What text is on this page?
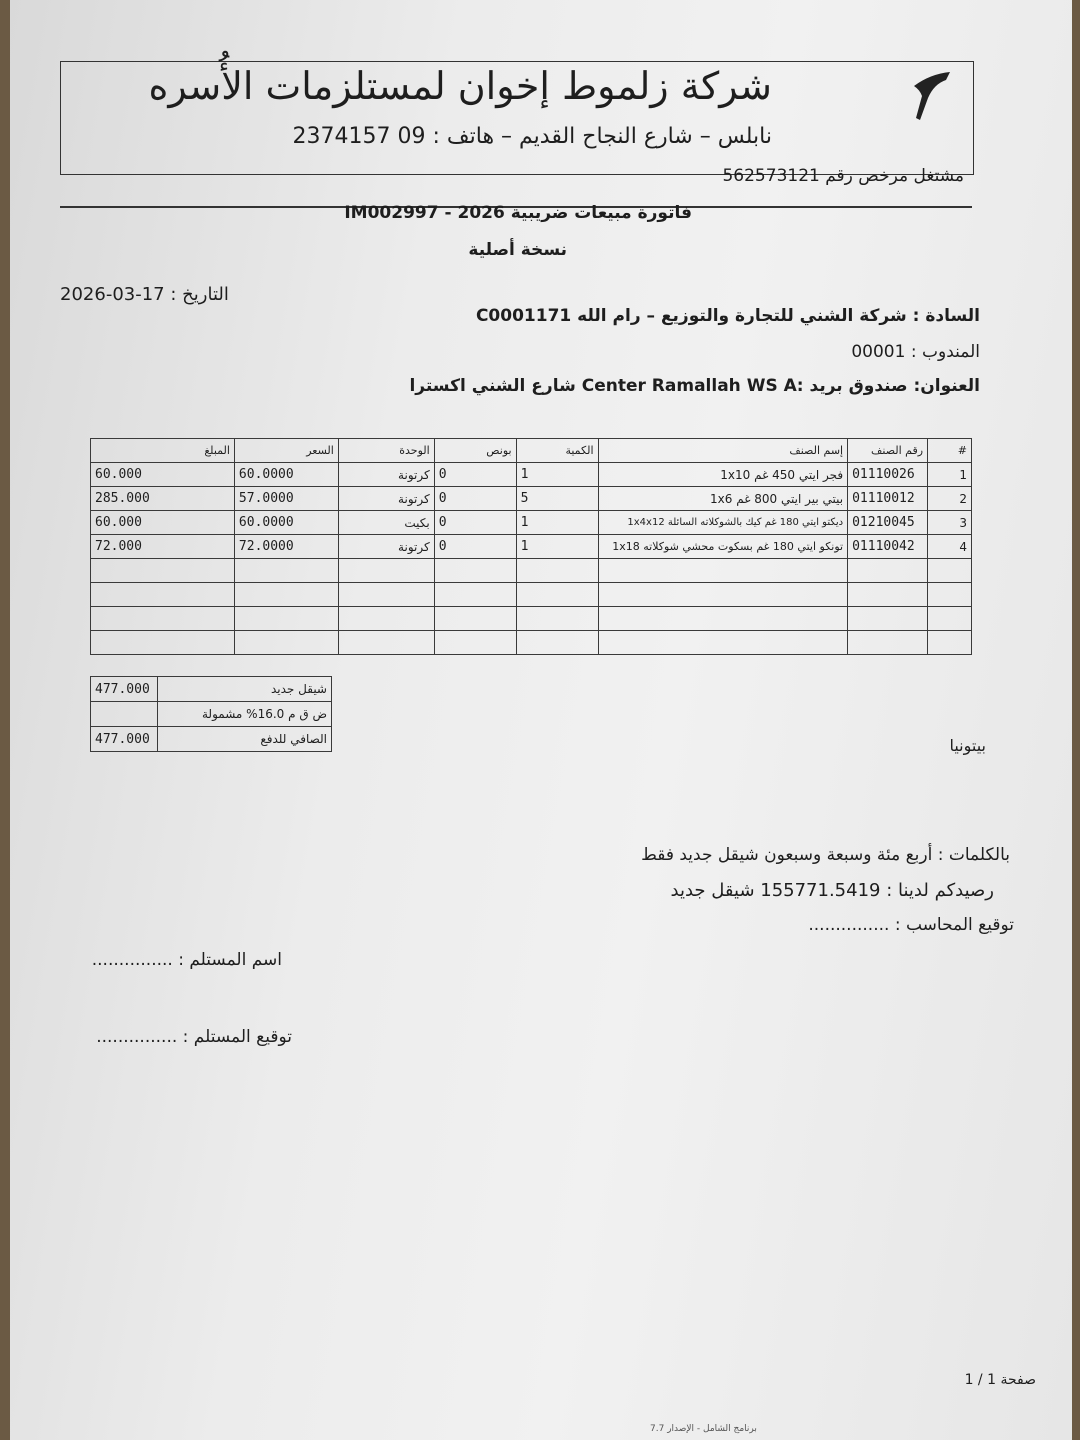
شركة زلموط إخوان لمستلزمات الأُسره
نابلس – شارع النجاح القديم – هاتف : 09 2374157
مشتغل مرخص رقم 562573121
فاتورة مبيعات ضريبية 2026 - IM002997
نسخة أصلية
التاريخ : 17-03-2026
السادة : شركة الشني للتجارة والتوزيع – رام الله C0001171
المندوب : 00001
العنوان: صندوق بريد :Center Ramallah WS A شارع الشني اكسترا
#	رقم الصنف	إسم الصنف	الكمية	بونص	الوحدة	السعر	المبلغ
1	01110026	فجر ايتي 450 غم 1x10	1	0	كرتونة	60.0000	60.000
2	01110012	بيتي بير ايتي 800 غم 1x6	5	0	كرتونة	57.0000	285.000
3	01210045	ديكتو ايتي 180 غم كيك بالشوكلاته السائلة 1x4x12	1	0	بكيت	60.0000	60.000
4	01110042	تونكو ايتي 180 غم بسكوت محشي شوكلاته 1x18	1	0	كرتونة	72.0000	72.000

شيقل جديد	477.000
ض ق م 16.0% مشمولة	
الصافي للدفع	477.000	بيتونيا
بالكلمات : أربع مئة وسبعة وسبعون شيقل جديد فقط
رصيدكم لدينا : 155771.5419 شيقل جديد
توقيع المحاسب : ...............
اسم المستلم : ...............
توقيع المستلم : ...............
صفحة 1 / 1
برنامج الشامل - الإصدار 7.7
